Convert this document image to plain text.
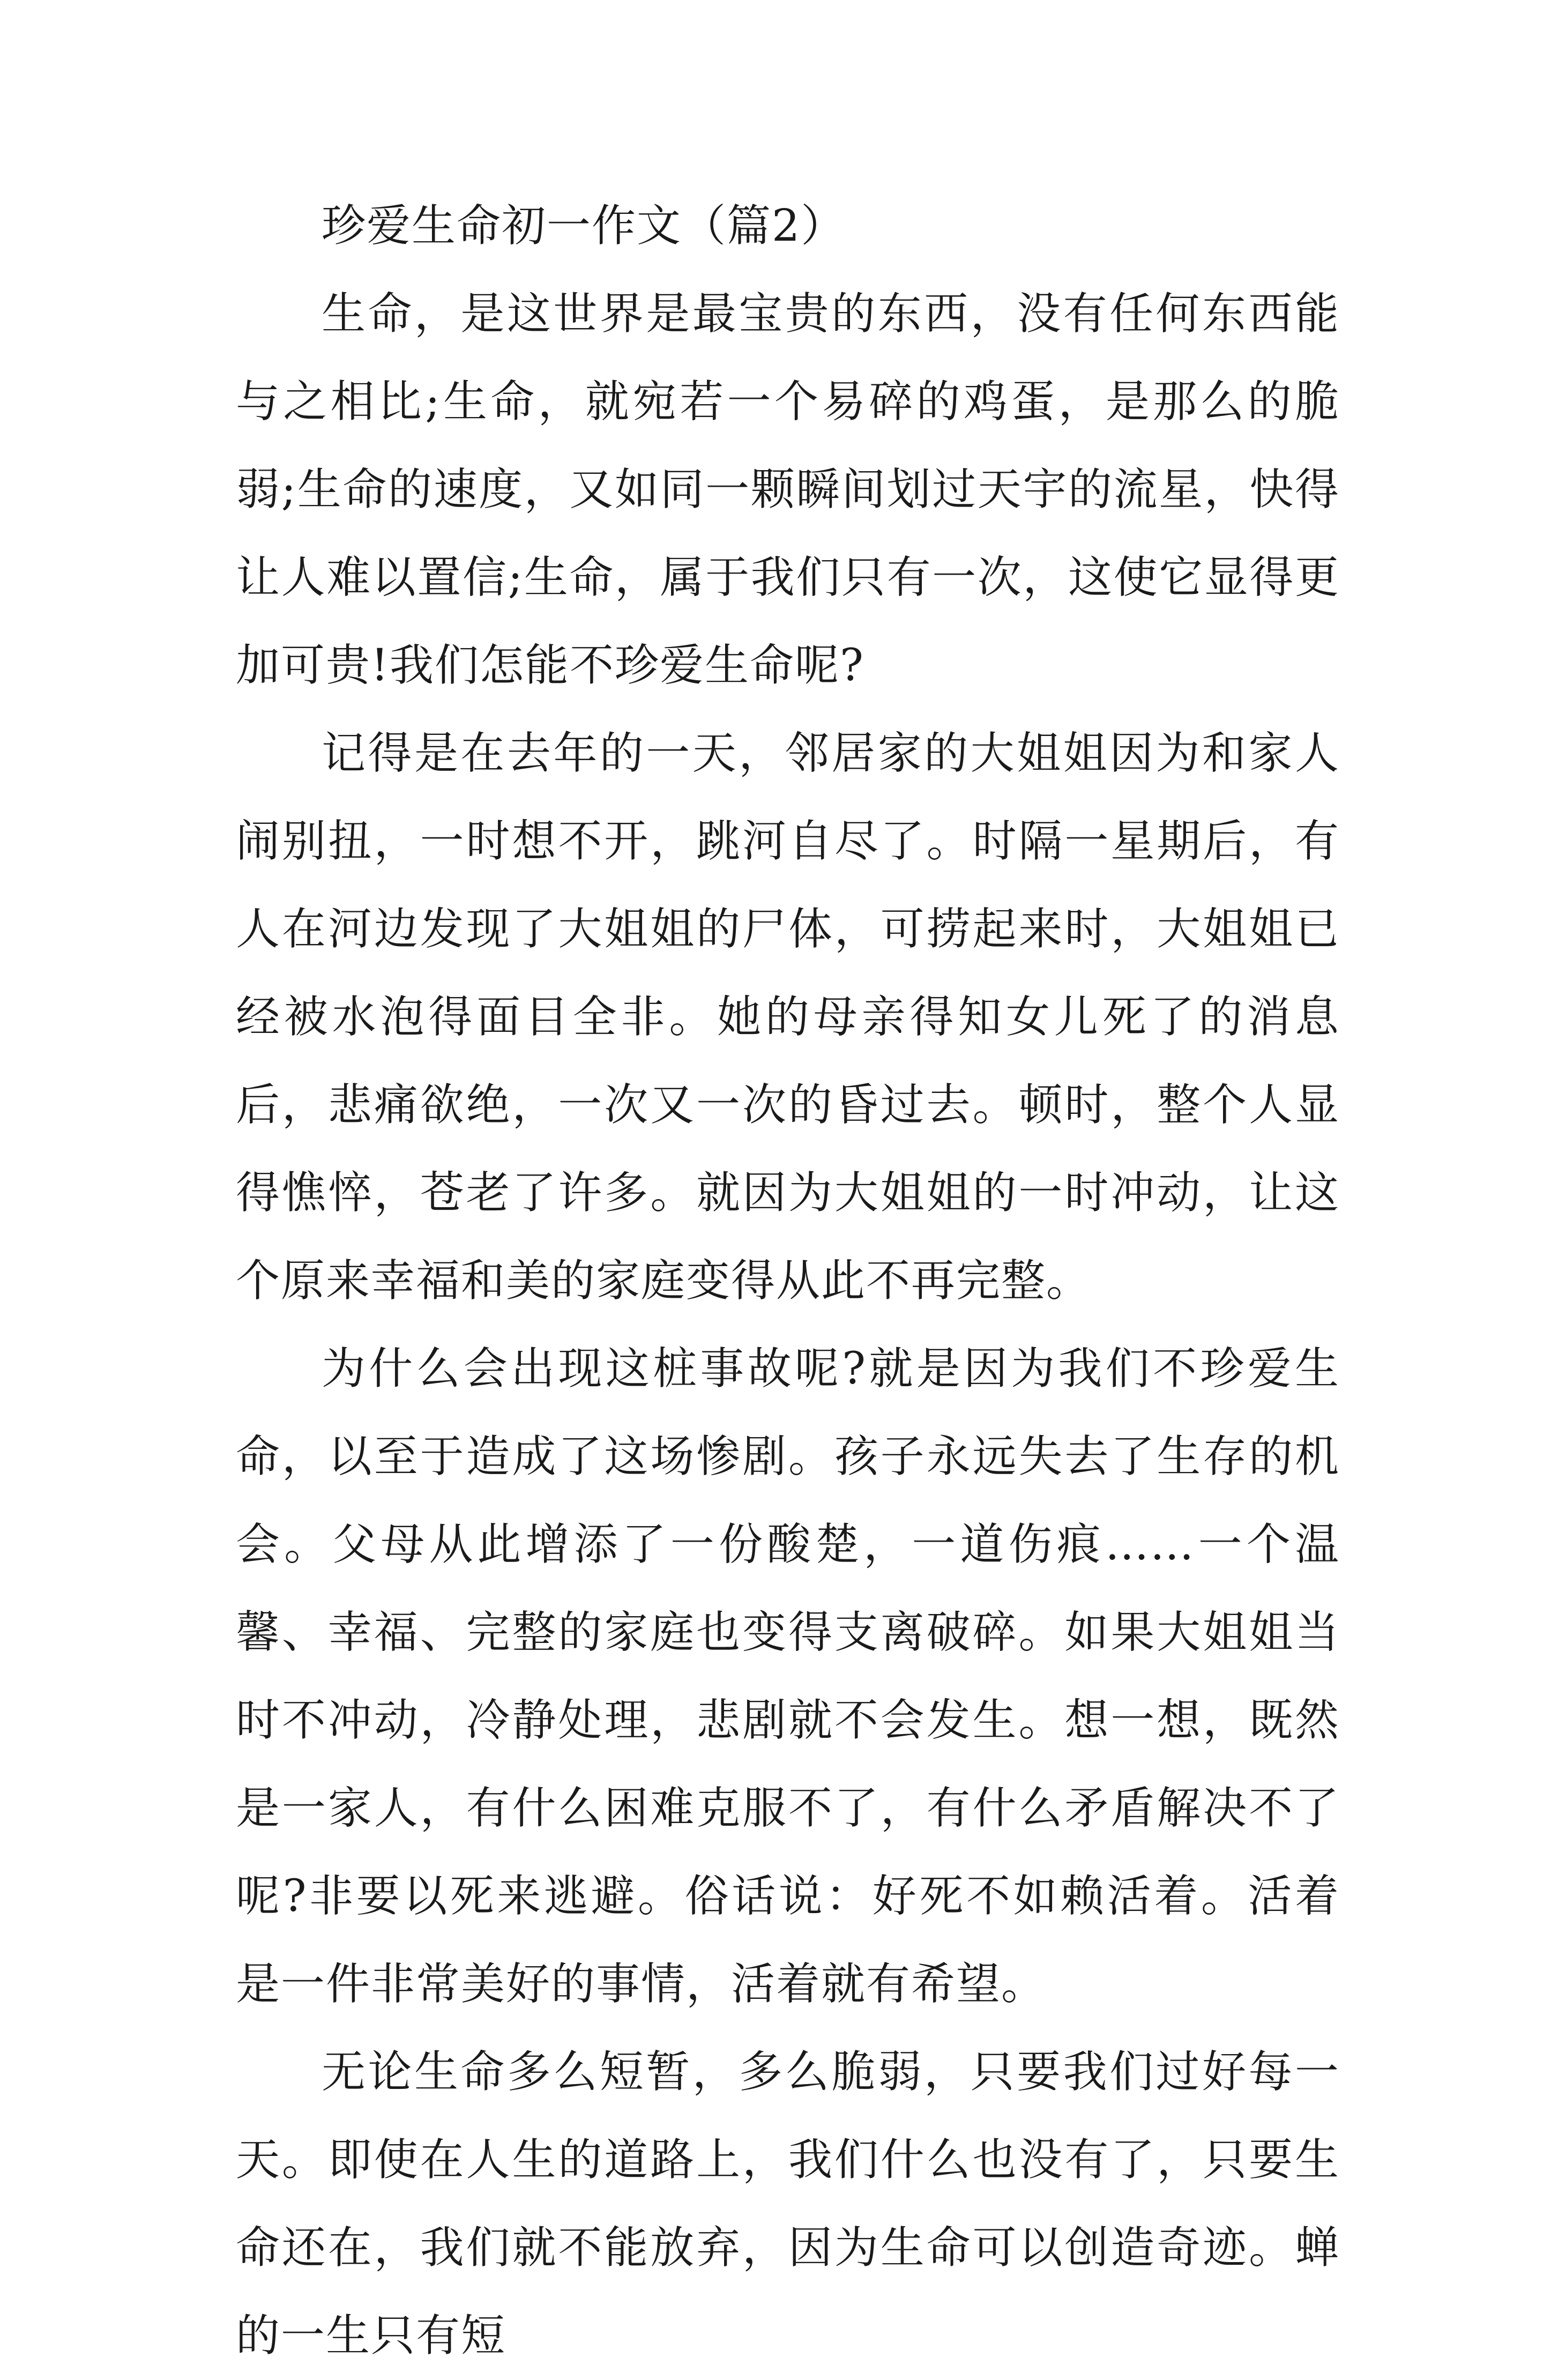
珍爱生命初一作文（篇2）

生命，是这世界是最宝贵的东西，没有任何东西能与之相比;生命，就宛若一个易碎的鸡蛋，是那么的脆弱;生命的速度，又如同一颗瞬间划过天宇的流星，快得让人难以置信;生命，属于我们只有一次，这使它显得更加可贵!我们怎能不珍爱生命呢?

记得是在去年的一天，邻居家的大姐姐因为和家人闹别扭，一时想不开，跳河自尽了。时隔一星期后，有人在河边发现了大姐姐的尸体，可捞起来时，大姐姐已经被水泡得面目全非。她的母亲得知女儿死了的消息后，悲痛欲绝，一次又一次的昏过去。顿时，整个人显得憔悴，苍老了许多。就因为大姐姐的一时冲动，让这个原来幸福和美的家庭变得从此不再完整。

为什么会出现这桩事故呢?就是因为我们不珍爱生命，以至于造成了这场惨剧。孩子永远失去了生存的机会。父母从此增添了一份酸楚，一道伤痕……一个温馨、幸福、完整的家庭也变得支离破碎。如果大姐姐当时不冲动，冷静处理，悲剧就不会发生。想一想，既然是一家人，有什么困难克服不了，有什么矛盾解决不了呢?非要以死来逃避。俗话说：好死不如赖活着。活着是一件非常美好的事情，活着就有希望。

无论生命多么短暂，多么脆弱，只要我们过好每一天。即使在人生的道路上，我们什么也没有了，只要生命还在，我们就不能放弃，因为生命可以创造奇迹。蝉的一生只有短
